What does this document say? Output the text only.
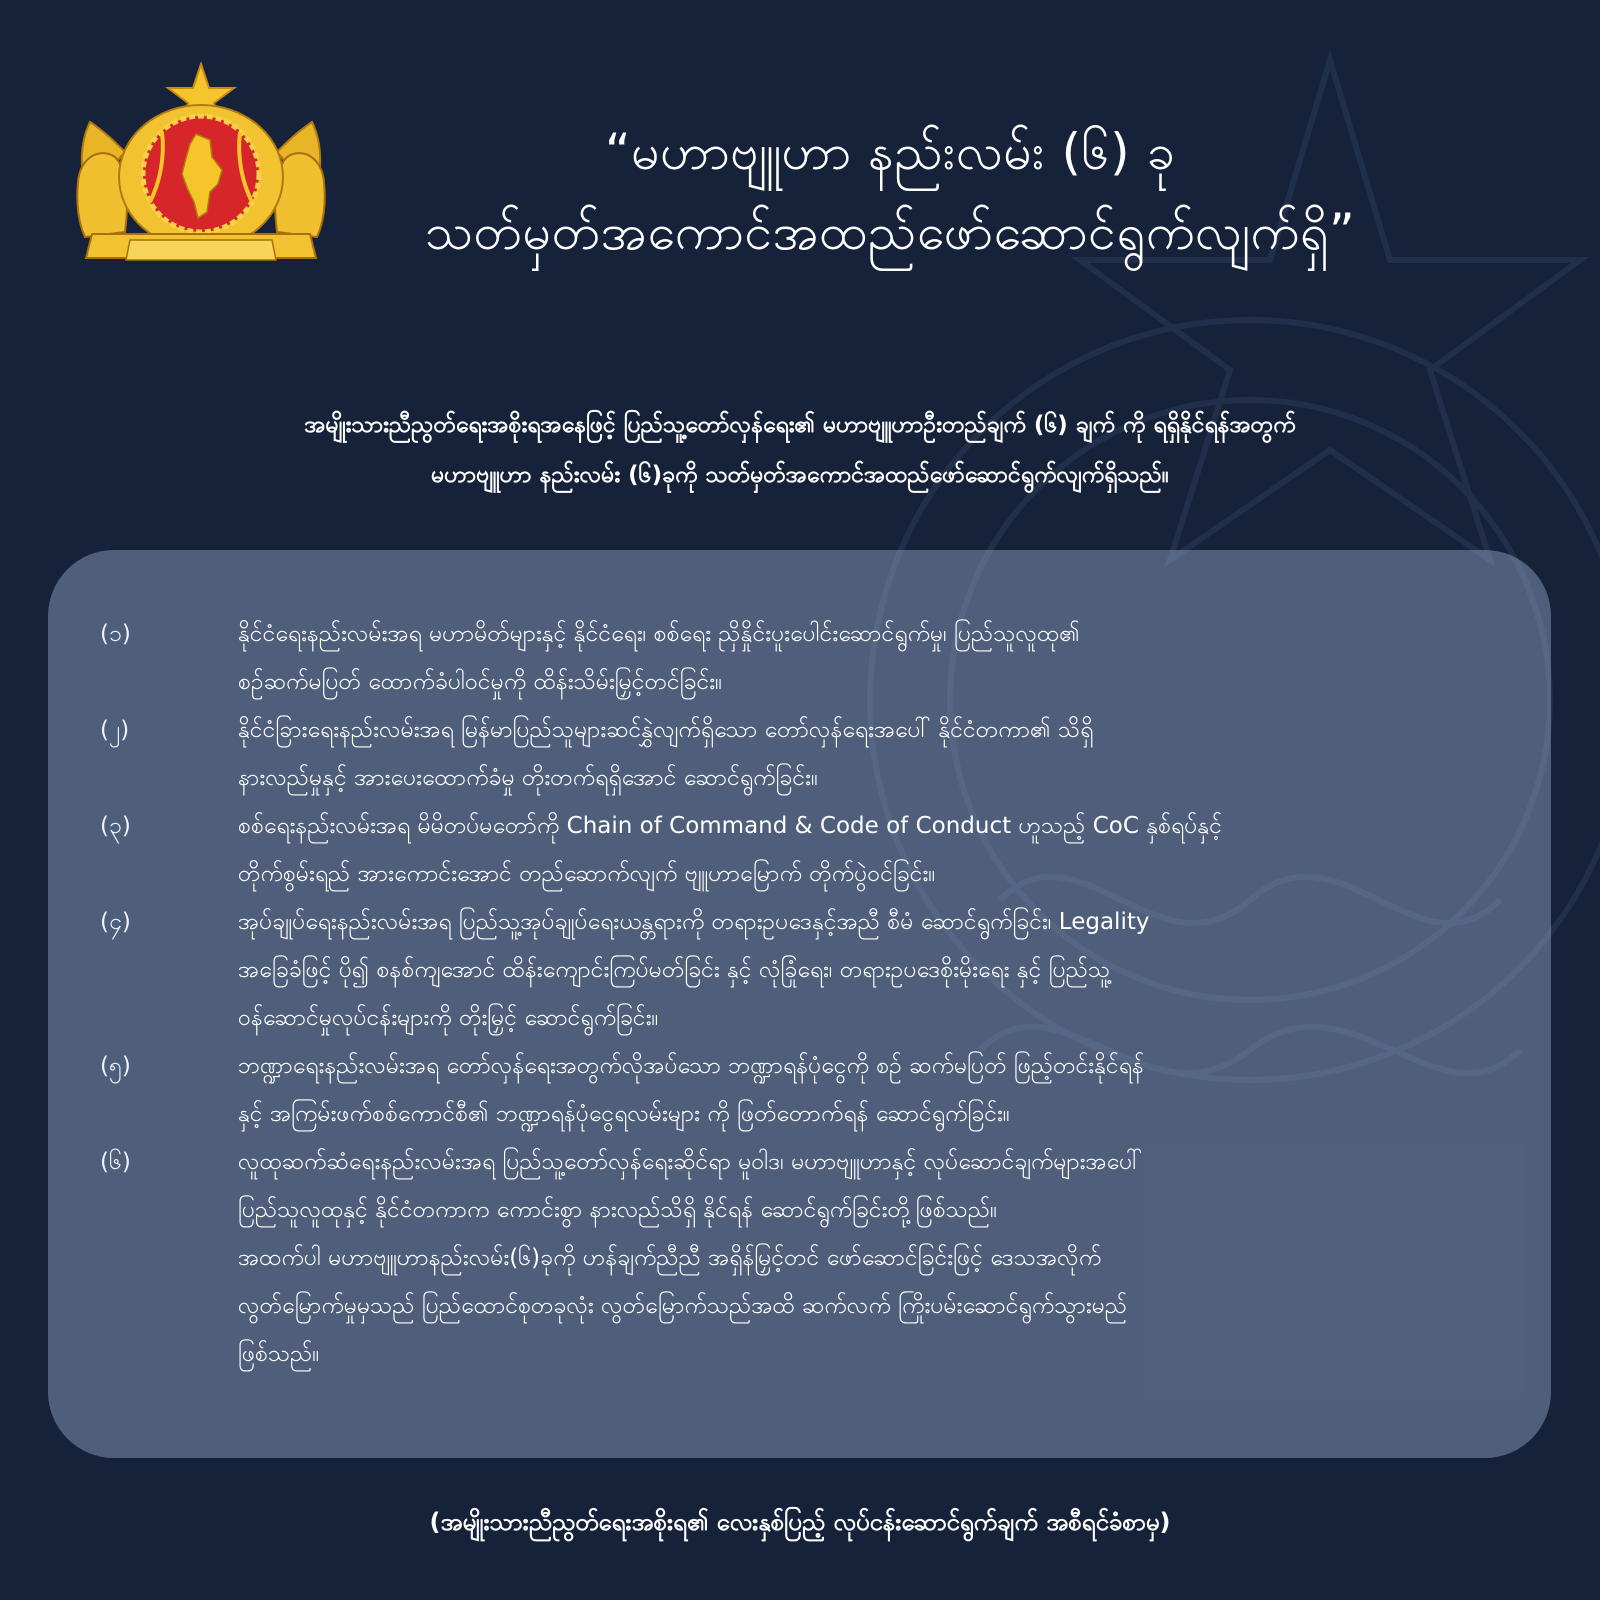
“မဟာဗျူဟာ နည်းလမ်း (၆) ခု
သတ်မှတ်အကောင်အထည်ဖော်ဆောင်ရွက်လျက်ရှိ”
အမျိုးသားညီညွတ်ရေးအစိုးရအနေဖြင့် ပြည်သူ့တော်လှန်ရေး၏ မဟာဗျူဟာဦးတည်ချက် (၆) ချက် ကို ရရှိနိုင်ရန်အတွက်
မဟာဗျူဟာ နည်းလမ်း (၆)ခုကို သတ်မှတ်အကောင်အထည်ဖော်ဆောင်ရွက်လျက်ရှိသည်။
(၁)	နိုင်ငံရေးနည်းလမ်းအရ မဟာမိတ်များနှင့် နိုင်ငံရေး၊ စစ်ရေး ညှိနှိုင်းပူးပေါင်းဆောင်ရွက်မှု၊ ပြည်သူလူထု၏
စဉ်ဆက်မပြတ် ထောက်ခံပါဝင်မှုကို ထိန်းသိမ်းမြှင့်တင်ခြင်း။
(၂)	နိုင်ငံခြားရေးနည်းလမ်းအရ မြန်မာပြည်သူများဆင်နွှဲလျက်ရှိသော တော်လှန်ရေးအပေါ် နိုင်ငံတကာ၏ သိရှိ
နားလည်မှုနှင့် အားပေးထောက်ခံမှု တိုးတက်ရရှိအောင် ဆောင်ရွက်ခြင်း။
(၃)	စစ်ရေးနည်းလမ်းအရ မိမိတပ်မတော်ကို Chain of Command & Code of Conduct ဟူသည့် CoC နှစ်ရပ်နှင့်
တိုက်စွမ်းရည် အားကောင်းအောင် တည်ဆောက်လျက် ဗျူဟာမြောက် တိုက်ပွဲဝင်ခြင်း။
(၄)	အုပ်ချုပ်ရေးနည်းလမ်းအရ ပြည်သူ့အုပ်ချုပ်ရေးယန္တရားကို တရားဥပဒေနှင့်အညီ စီမံ ဆောင်ရွက်ခြင်း၊ Legality
အခြေခံဖြင့် ပို၍ စနစ်ကျအောင် ထိန်းကျောင်းကြပ်မတ်ခြင်း နှင့် လုံခြုံရေး၊ တရားဥပဒေစိုးမိုးရေး နှင့် ပြည်သူ့
ဝန်ဆောင်မှုလုပ်ငန်းများကို တိုးမြှင့် ဆောင်ရွက်ခြင်း။
(၅)	ဘဏ္ဍာရေးနည်းလမ်းအရ တော်လှန်ရေးအတွက်လိုအပ်သော ဘဏ္ဍာရန်ပုံငွေကို စဉ် ဆက်မပြတ် ဖြည့်တင်းနိုင်ရန်
နှင့် အကြမ်းဖက်စစ်ကောင်စီ၏ ဘဏ္ဍာရန်ပုံငွေရလမ်းများ ကို ဖြတ်တောက်ရန် ဆောင်ရွက်ခြင်း။
(၆)	လူထုဆက်ဆံရေးနည်းလမ်းအရ ပြည်သူ့တော်လှန်ရေးဆိုင်ရာ မူဝါဒ၊ မဟာဗျူဟာနှင့် လုပ်ဆောင်ချက်များအပေါ်
ပြည်သူလူထုနှင့် နိုင်ငံတကာက ကောင်းစွာ နားလည်သိရှိ နိုင်ရန် ဆောင်ရွက်ခြင်းတို့ဖြစ်သည်။
အထက်ပါ မဟာဗျူဟာနည်းလမ်း(၆)ခုကို ဟန်ချက်ညီညီ အရှိန်မြှင့်တင် ဖော်ဆောင်ခြင်းဖြင့် ဒေသအလိုက်
လွတ်မြောက်မှုမှသည် ပြည်ထောင်စုတခုလုံး လွတ်မြောက်သည်အထိ ဆက်လက် ကြိုးပမ်းဆောင်ရွက်သွားမည်
ဖြစ်သည်။
(အမျိုးသားညီညွတ်ရေးအစိုးရ၏ လေးနှစ်ပြည့် လုပ်ငန်းဆောင်ရွက်ချက် အစီရင်ခံစာမှ)
